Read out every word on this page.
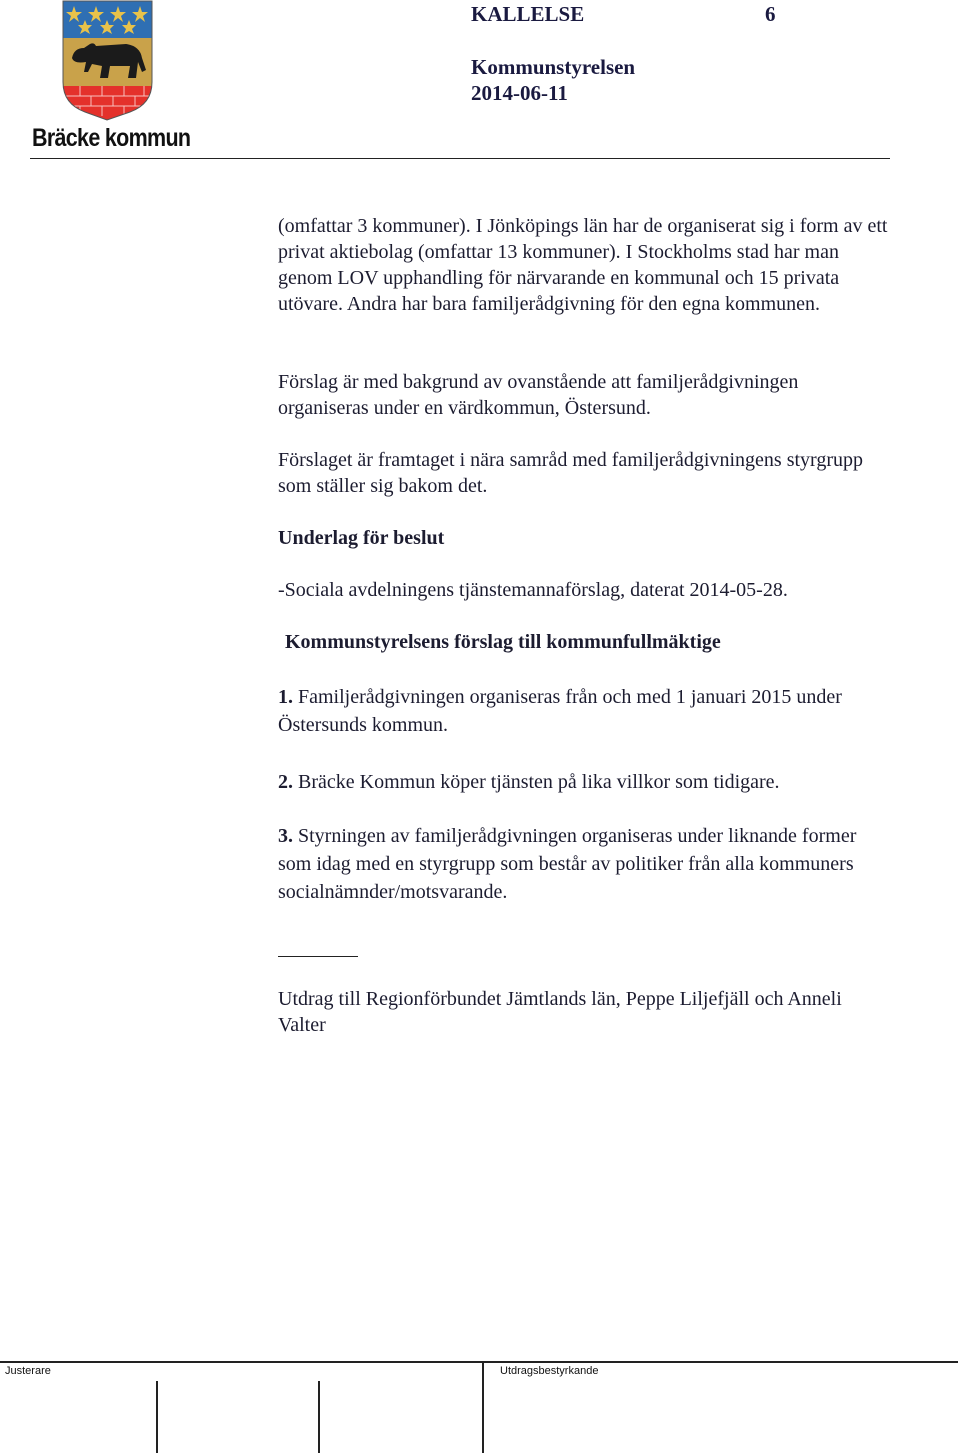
Bräcke kommun
KALLELSE	6
Kommunstyrelsen
2014-06-11
(omfattar 3 kommuner). I Jönköpings län har de organiserat sig i form av ett privat aktiebolag (omfattar 13 kommuner). I Stockholms stad har man genom LOV upphandling för närvarande en kommunal och 15 privata utövare. Andra har bara familjerådgivning för den egna kommunen.
Förslag är med bakgrund av ovanstående att familjerådgivningen organiseras under en värdkommun, Östersund.
Förslaget är framtaget i nära samråd med familjerådgivningens styrgrupp som ställer sig bakom det.
Underlag för beslut
-Sociala avdelningens tjänstemannaförslag, daterat 2014-05-28.
Kommunstyrelsens förslag till kommunfullmäktige
1. Familjerådgivningen organiseras från och med 1 januari 2015 under Östersunds kommun.
2. Bräcke Kommun köper tjänsten på lika villkor som tidigare.
3. Styrningen av familjerådgivningen organiseras under liknande former som idag med en styrgrupp som består av politiker från alla kommuners socialnämnder/motsvarande.
Utdrag till Regionförbundet Jämtlands län, Peppe Liljefjäll och Anneli Valter
Justerare	Utdragsbestyrkande
